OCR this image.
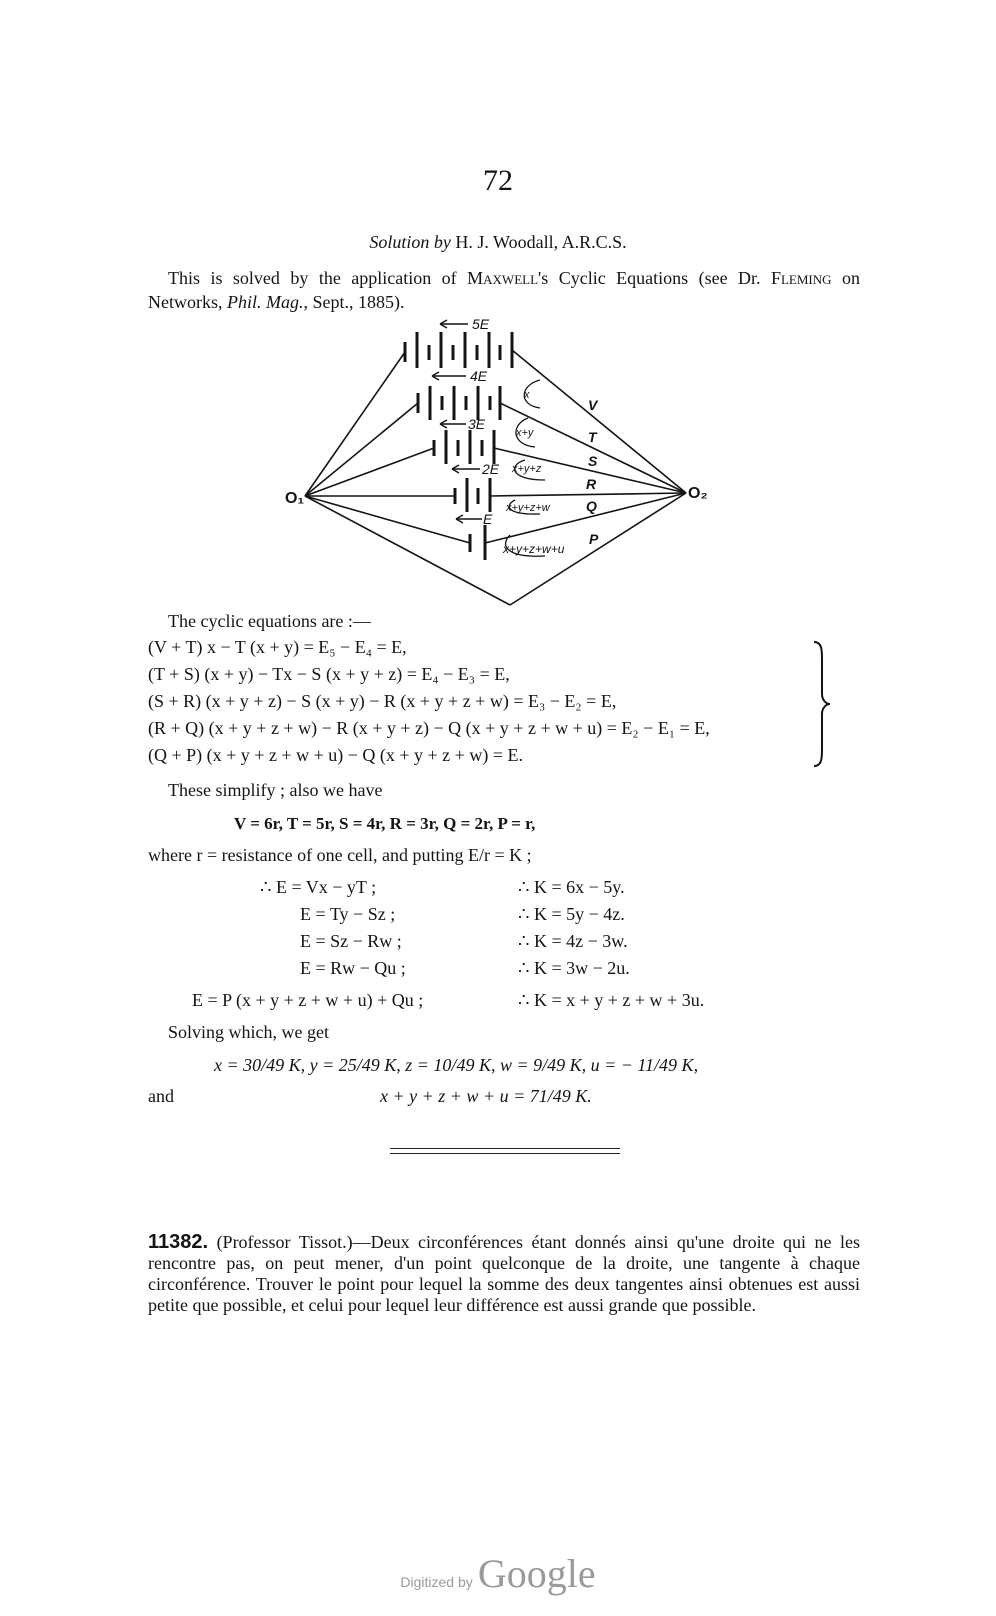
72
Solution by H. J. Woodall, A.R.C.S.
This is solved by the application of Maxwell's Cyclic Equations (see Dr. Fleming on Networks, Phil. Mag., Sept., 1885).
x
x+y
x+y+z
x+y+z+w
x+y+z+w+u
5E
4E
3E
2E
E
V
T
S
R
Q
P
O₁	O₂
The cyclic equations are :—
(V + T) x − T (x + y) = E₅ − E₄ = E,
(T + S) (x + y) − Tx − S (x + y + z) = E₄ − E₃ = E,
(S + R) (x + y + z) − S (x + y) − R (x + y + z + w) = E₃ − E₂ = E,
(R + Q) (x + y + z + w) − R (x + y + z) − Q (x + y + z + w + u) = E₂ − E₁ = E,
(Q + P) (x + y + z + w + u) − Q (x + y + z + w) = E.
These simplify ; also we have
V = 6r, T = 5r, S = 4r, R = 3r, Q = 2r, P = r,
where r = resistance of one cell, and putting E/r = K ;
∴ E = Vx − yT ;
E = Ty − Sz ;
E = Sz − Rw ;
E = Rw − Qu ;
E = P (x + y + z + w + u) + Qu ;
∴ K = 6x − 5y.
∴ K = 5y − 4z.
∴ K = 4z − 3w.
∴ K = 3w − 2u.
∴ K = x + y + z + w + 3u.
Solving which, we get
x = 30/49 K, y = 25/49 K, z = 10/49 K, w = 9/49 K, u = − 11/49 K,
and	x + y + z + w + u = 71/49 K.
11382. (Professor Tissot.)—Deux circonférences étant donnés ainsi qu'une droite qui ne les rencontre pas, on peut mener, d'un point quelconque de la droite, une tangente à chaque circonférence. Trouver le point pour lequel la somme des deux tangentes ainsi obtenues est aussi petite que possible, et celui pour lequel leur différence est aussi grande que possible.
Digitized by Google
